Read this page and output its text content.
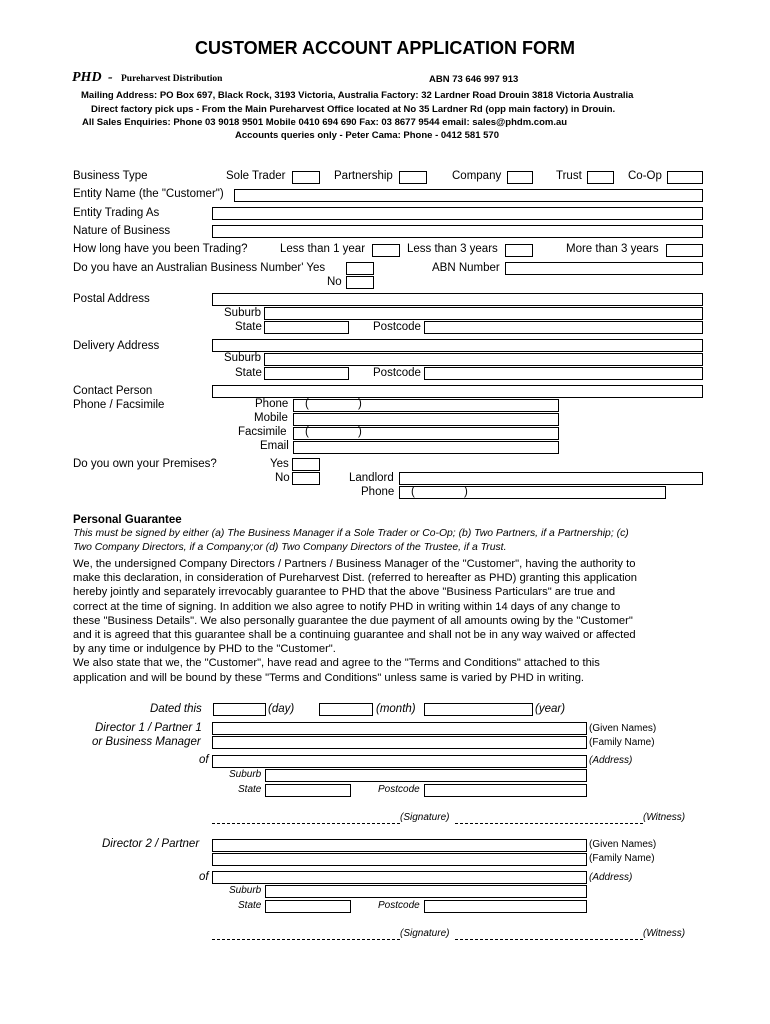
CUSTOMER ACCOUNT APPLICATION FORM
PHD - Pureharvest Distribution	ABN 73 646 997 913
Mailing Address: PO Box 697, Black Rock, 3193 Victoria, Australia Factory: 32 Lardner Road Drouin 3818 Victoria Australia
Direct factory pick ups - From the Main Pureharvest Office located at No 35 Lardner Rd (opp main factory) in Drouin.
All Sales Enquiries: Phone 03 9018 9501 Mobile 0410 694 690 Fax: 03 8677 9544 email: sales@phdm.com.au
Accounts queries only - Peter Cama: Phone - 0412 581 570
Business Type	Sole Trader	Partnership	Company	Trust	Co-Op
Entity Name (the "Customer")
Entity Trading As
Nature of Business
How long have you been Trading?	Less than 1 year	Less than 3 years	More than 3 years
Do you have an Australian Business Number' Yes
No
ABN Number
Postal Address
Suburb
State	Postcode
Delivery Address
Suburb
State	Postcode
Contact Person
Phone / Facsimile	Phone (	)
Mobile
Facsimile (	)
Email
Do you own your Premises?	Yes
No	Landlord
Phone (	)
Personal Guarantee
This must be signed by either (a) The Business Manager if a Sole Trader or Co-Op; (b) Two Partners, if a Partnership; (c)
Two Company Directors, if a Company;or (d) Two Company Directors of the Trustee, if a Trust.
We, the undersigned Company Directors / Partners / Business Manager of the "Customer", having the authority to
make this declaration, in consideration of Pureharvest Dist. (referred to hereafter as PHD) granting this application
hereby jointly and separately irrevocably guarantee to PHD that the above "Business Particulars" are true and
correct at the time of signing. In addition we also agree to notify PHD in writing within 14 days of any change to
these "Business Details". We also personally guarantee the due payment of all amounts owing by the "Customer"
and it is agreed that this guarantee shall be a continuing guarantee and shall not be in any way waived or affected
by any time or indulgence by PHD to the "Customer".
We also state that we, the "Customer", have read and agree to the "Terms and Conditions" attached to this
application and will be bound by these "Terms and Conditions" unless same is varied by PHD in writing.
Dated this	(day)	(month)	(year)
Director 1 / Partner 1
or Business Manager
(Given Names)
(Family Name)
of	(Address)
Suburb
State	Postcode
(Signature)	(Witness)
Director 2 / Partner	(Given Names)
(Family Name)
of	(Address)
Suburb
State	Postcode
(Signature)	(Witness)
